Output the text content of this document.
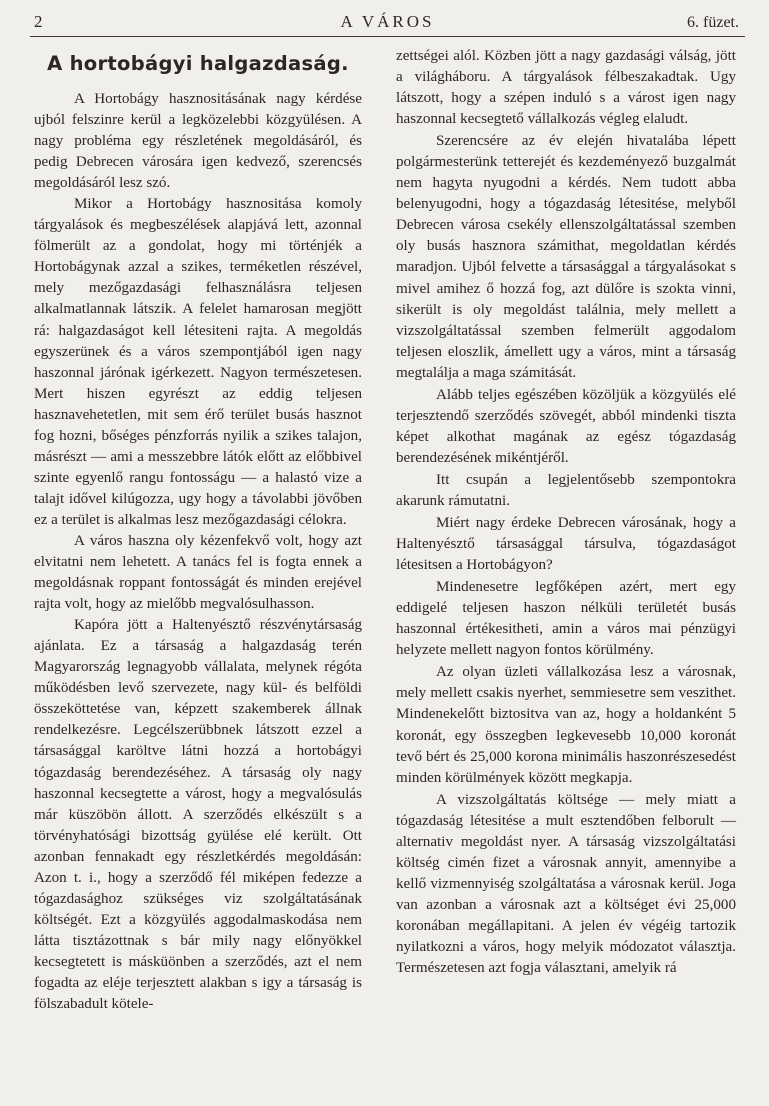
2	A VÁROS	6. füzet.
A hortobágyi halgazdaság.

A Hortobágy hasznositásának nagy kérdése ujból felszinre kerül a legközelebbi közgyülésen. A nagy probléma egy részletének megoldásáról, és pedig Debrecen városára igen kedvező, szerencsés megoldásáról lesz szó.

Mikor a Hortobágy hasznositása komoly tárgyalások és megbeszélések alapjává lett, azonnal fölmerült az a gondolat, hogy mi történjék a Hortobágynak azzal a szikes, terméketlen részével, mely mezőgazdasági felhasználásra teljesen alkalmatlannak látszik. A felelet hamarosan megjött rá: halgazdaságot kell létesiteni rajta. A megoldás egyszerünek és a város szempontjából igen nagy haszonnal járónak igérkezett. Nagyon természetesen. Mert hiszen egyrészt az eddig teljesen hasznavehetetlen, mit sem érő terület busás hasznot fog hozni, bőséges pénzforrás nyilik a szikes talajon, másrészt — ami a messzebbre látók előtt az előbbivel szinte egyenlő rangu fontosságu — a halastó vize a talajt idővel kilúgozza, ugy hogy a távolabbi jövőben ez a terület is alkalmas lesz mezőgazdasági célokra.

A város haszna oly kézenfekvő volt, hogy azt elvitatni nem lehetett. A tanács fel is fogta ennek a megoldásnak roppant fontosságát és minden erejével rajta volt, hogy az mielőbb megvalósulhasson.

Kapóra jött a Haltenyésztő részvénytársaság ajánlata. Ez a társaság a halgazdaság terén Magyarország legnagyobb vállalata, melynek régóta működésben levő szervezete, nagy kül- és belföldi összeköttetése van, képzett szakemberek állnak rendelkezésre. Legcélszerübbnek látszott ezzel a társasággal karöltve látni hozzá a hortobágyi tógazdaság berendezéséhez. A társaság oly nagy haszonnal kecsegtette a várost, hogy a megvalósulás már küszöbön állott. A szerződés elkészült s a törvényhatósági bizottság gyülése elé került. Ott azonban fennakadt egy részletkérdés megoldásán: Azon t. i., hogy a szerződő fél miképen fedezze a tógazdasághoz szükséges viz szolgáltatásának költségét. Ezt a közgyülés aggodalmaskodása nem látta tisztázottnak s bár mily nagy előnyökkel kecsegtetett is másküönben a szerződés, azt el nem fogadta az eléje terjesztett alakban s igy a társaság is fölszabadult kötele-

zettségei alól. Közben jött a nagy gazdasági válság, jött a világháboru. A tárgyalások félbeszakadtak. Ugy látszott, hogy a szépen induló s a várost igen nagy haszonnal kecsegtető vállalkozás végleg elaludt.

Szerencsére az év elején hivatalába lépett polgármesterünk tetterejét és kezdeményező buzgalmát nem hagyta nyugodni a kérdés. Nem tudott abba belenyugodni, hogy a tógazdaság létesitése, melyből Debrecen városa csekély ellenszolgáltatással szemben oly busás hasznora számithat, megoldatlan kérdés maradjon. Ujból felvette a társasággal a tárgyalásokat s mivel amihez ő hozzá fog, azt dülőre is szokta vinni, sikerült is oly megoldást találnia, mely mellett a vizszolgáltatással szemben felmerült aggodalom teljesen eloszlik, ámellett ugy a város, mint a társaság megtalálja a maga számitását.

Alább teljes egészében közöljük a közgyülés elé terjesztendő szerződés szövegét, abból mindenki tiszta képet alkothat magának az egész tógazdaság berendezésének mikéntjéről.

Itt csupán a legjelentősebb szempontokra akarunk rámutatni.

Miért nagy érdeke Debrecen városának, hogy a Haltenyésztő társasággal társulva, tógazdaságot létesitsen a Hortobágyon?

Mindenesetre legfőképen azért, mert egy eddigelé teljesen haszon nélküli területét busás haszonnal értékesitheti, amin a város mai pénzügyi helyzete mellett nagyon fontos körülmény.

Az olyan üzleti vállalkozása lesz a városnak, mely mellett csakis nyerhet, semmiesetre sem veszithet. Mindenekelőtt biztositva van az, hogy a holdanként 5 koronát, egy összegben legkevesebb 10,000 koronát tevő bért és 25,000 korona minimális haszonrészesedést minden körülmények között megkapja.

A vizszolgáltatás költsége — mely miatt a tógazdaság létesitése a mult esztendőben felborult — alternativ megoldást nyer. A társaság vizszolgáltatási költség cimén fizet a városnak annyit, amennyibe a kellő vizmennyiség szolgáltatása a városnak kerül. Joga van azonban a városnak azt a költséget évi 25,000 koronában megállapitani. A jelen év végéig tartozik nyilatkozni a város, hogy melyik módozatot választja. Természetesen azt fogja választani, amelyik rá
